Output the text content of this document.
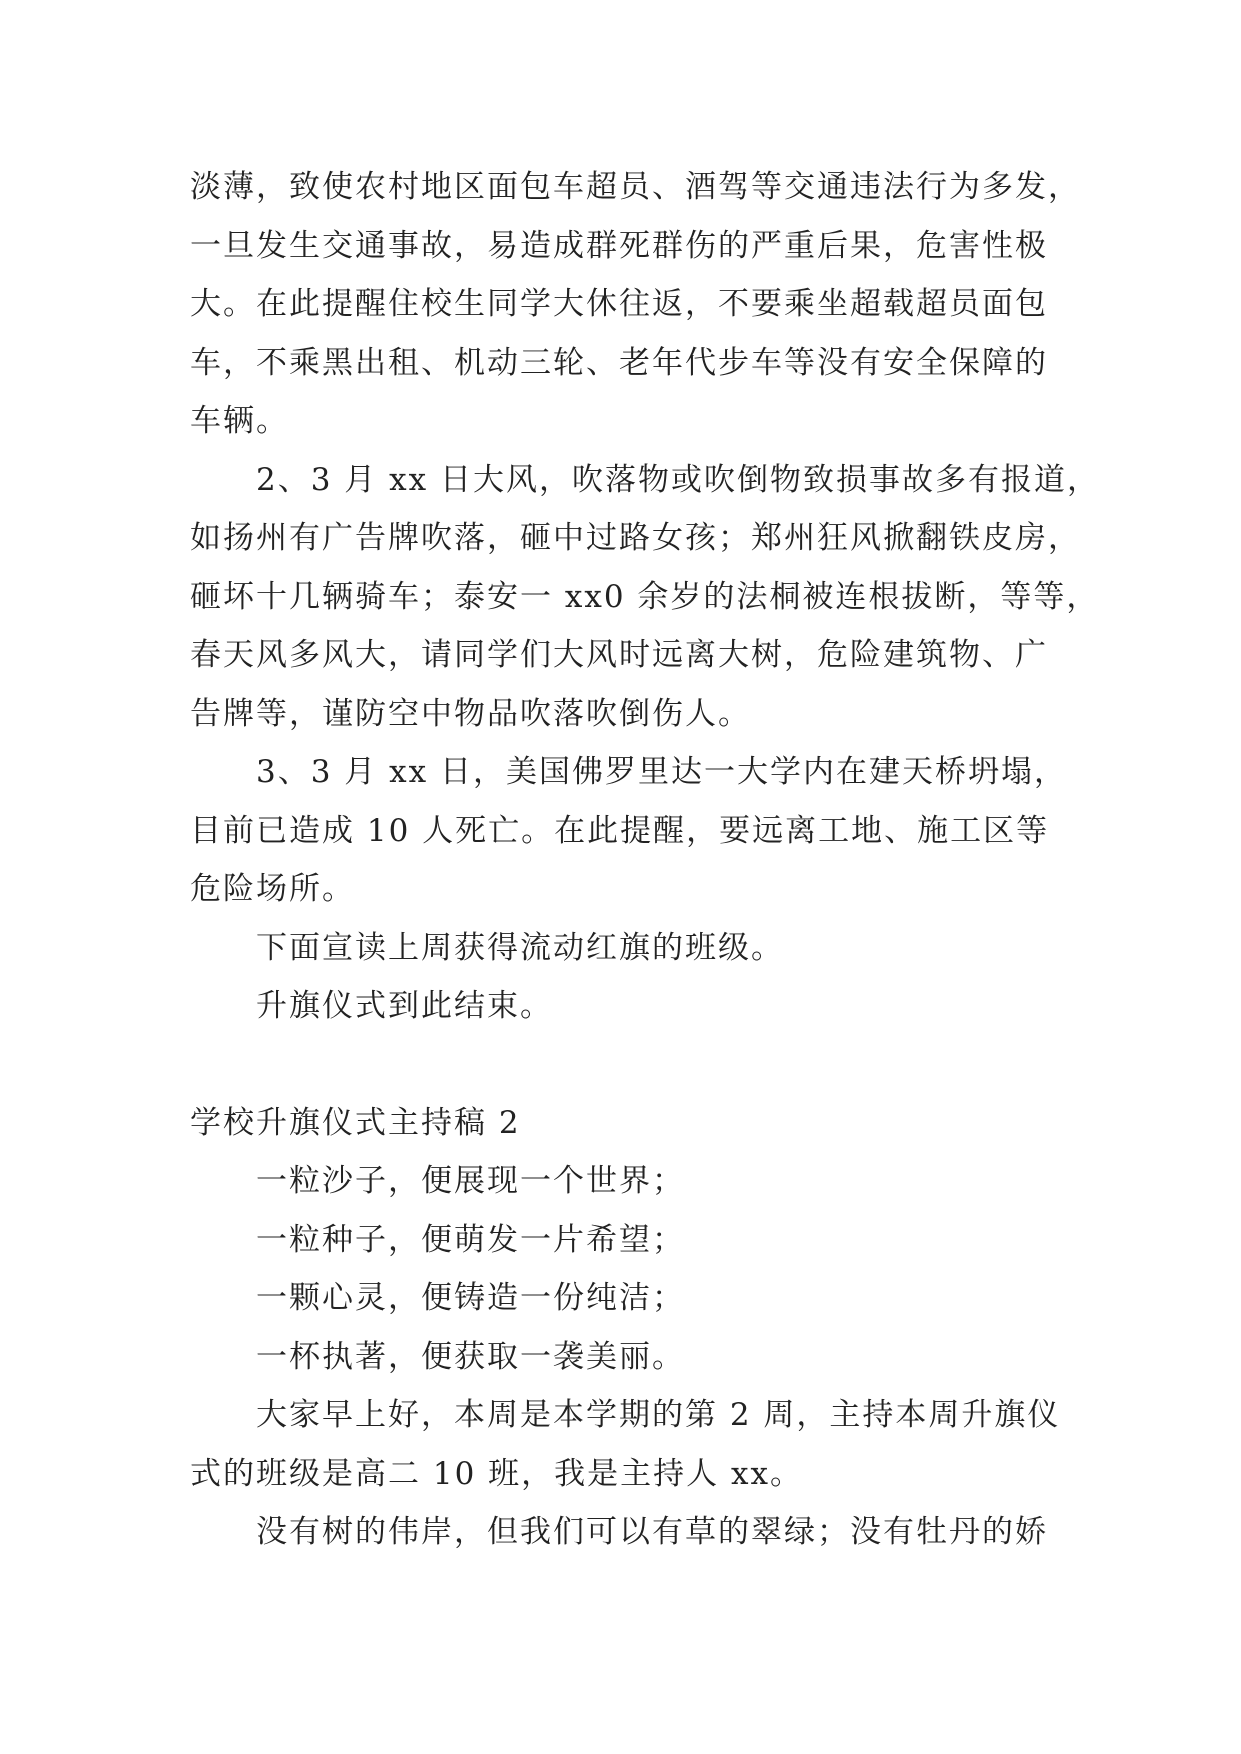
淡薄，致使农村地区面包车超员、酒驾等交通违法行为多发，
一旦发生交通事故，易造成群死群伤的严重后果，危害性极
大。在此提醒住校生同学大休往返，不要乘坐超载超员面包
车，不乘黑出租、机动三轮、老年代步车等没有安全保障的
车辆。
　　2、3 月 xx 日大风，吹落物或吹倒物致损事故多有报道，
如扬州有广告牌吹落，砸中过路女孩；郑州狂风掀翻铁皮房，
砸坏十几辆骑车；泰安一 xx0 余岁的法桐被连根拔断，等等，
春天风多风大，请同学们大风时远离大树，危险建筑物、广
告牌等，谨防空中物品吹落吹倒伤人。
　　3、3 月 xx 日，美国佛罗里达一大学内在建天桥坍塌，
目前已造成 10 人死亡。在此提醒，要远离工地、施工区等
危险场所。
　　下面宣读上周获得流动红旗的班级。
　　升旗仪式到此结束。
学校升旗仪式主持稿 2
　　一粒沙子，便展现一个世界；
　　一粒种子，便萌发一片希望；
　　一颗心灵，便铸造一份纯洁；
　　一杯执著，便获取一袭美丽。
　　大家早上好，本周是本学期的第 2 周，主持本周升旗仪
式的班级是高二 10 班，我是主持人 xx。
　　没有树的伟岸，但我们可以有草的翠绿；没有牡丹的娇
